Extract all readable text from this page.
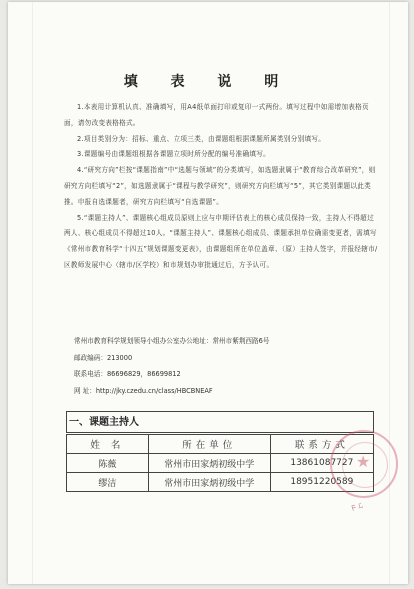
填 表 说 明

1.本表用计算机认真、准确填写，用A4纸单面打印或复印一式两份。填写过程中如需增加表格页面，请勿改变表格格式。

2.项目类别分为：招标、重点、立项三类，由课题组根据课题所属类别分别填写。

3.课题编号由课题组根据各课题立项时所分配的编号准确填写。

4.“研究方向”栏按“课题指南”中“选题与领域”的分类填写，如选题隶属于“教育综合改革研究”，则研究方向栏填写“2”，如选题隶属于“课程与教学研究”，则研究方向栏填写“5”，其它类别课题以此类推。申报自选课题者，研究方向栏填写“自选课题”。

5.“课题主持人”、课题核心组成员原则上应与申期评估表上的核心成员保持一致，主持人不得超过两人、核心组成员不得超过10人。“课题主持人”、课题核心组成员、课题承担单位确需变更者，需填写《常州市教育科学“十四五”规划课题变更表》，由课题组所在单位盖章、（原）主持人签字，并报经辖市/区教师发展中心（辖市/区学校）和市规划办审批通过后，方予认可。

常州市教育科学规划领导小组办公室办公地址：常州市紫荆西路6号
邮政编码：213000
联系电话：86696829，86699812
网 址：http://jky.czedu.cn/class/HBCBNEAF
一、课题主持人
姓 名	所在单位	联系方式
陈薇	常州市田家炳初级中学	13861087727
缪洁	常州市田家炳初级中学	18951220589
★
ᖴ ℒ
